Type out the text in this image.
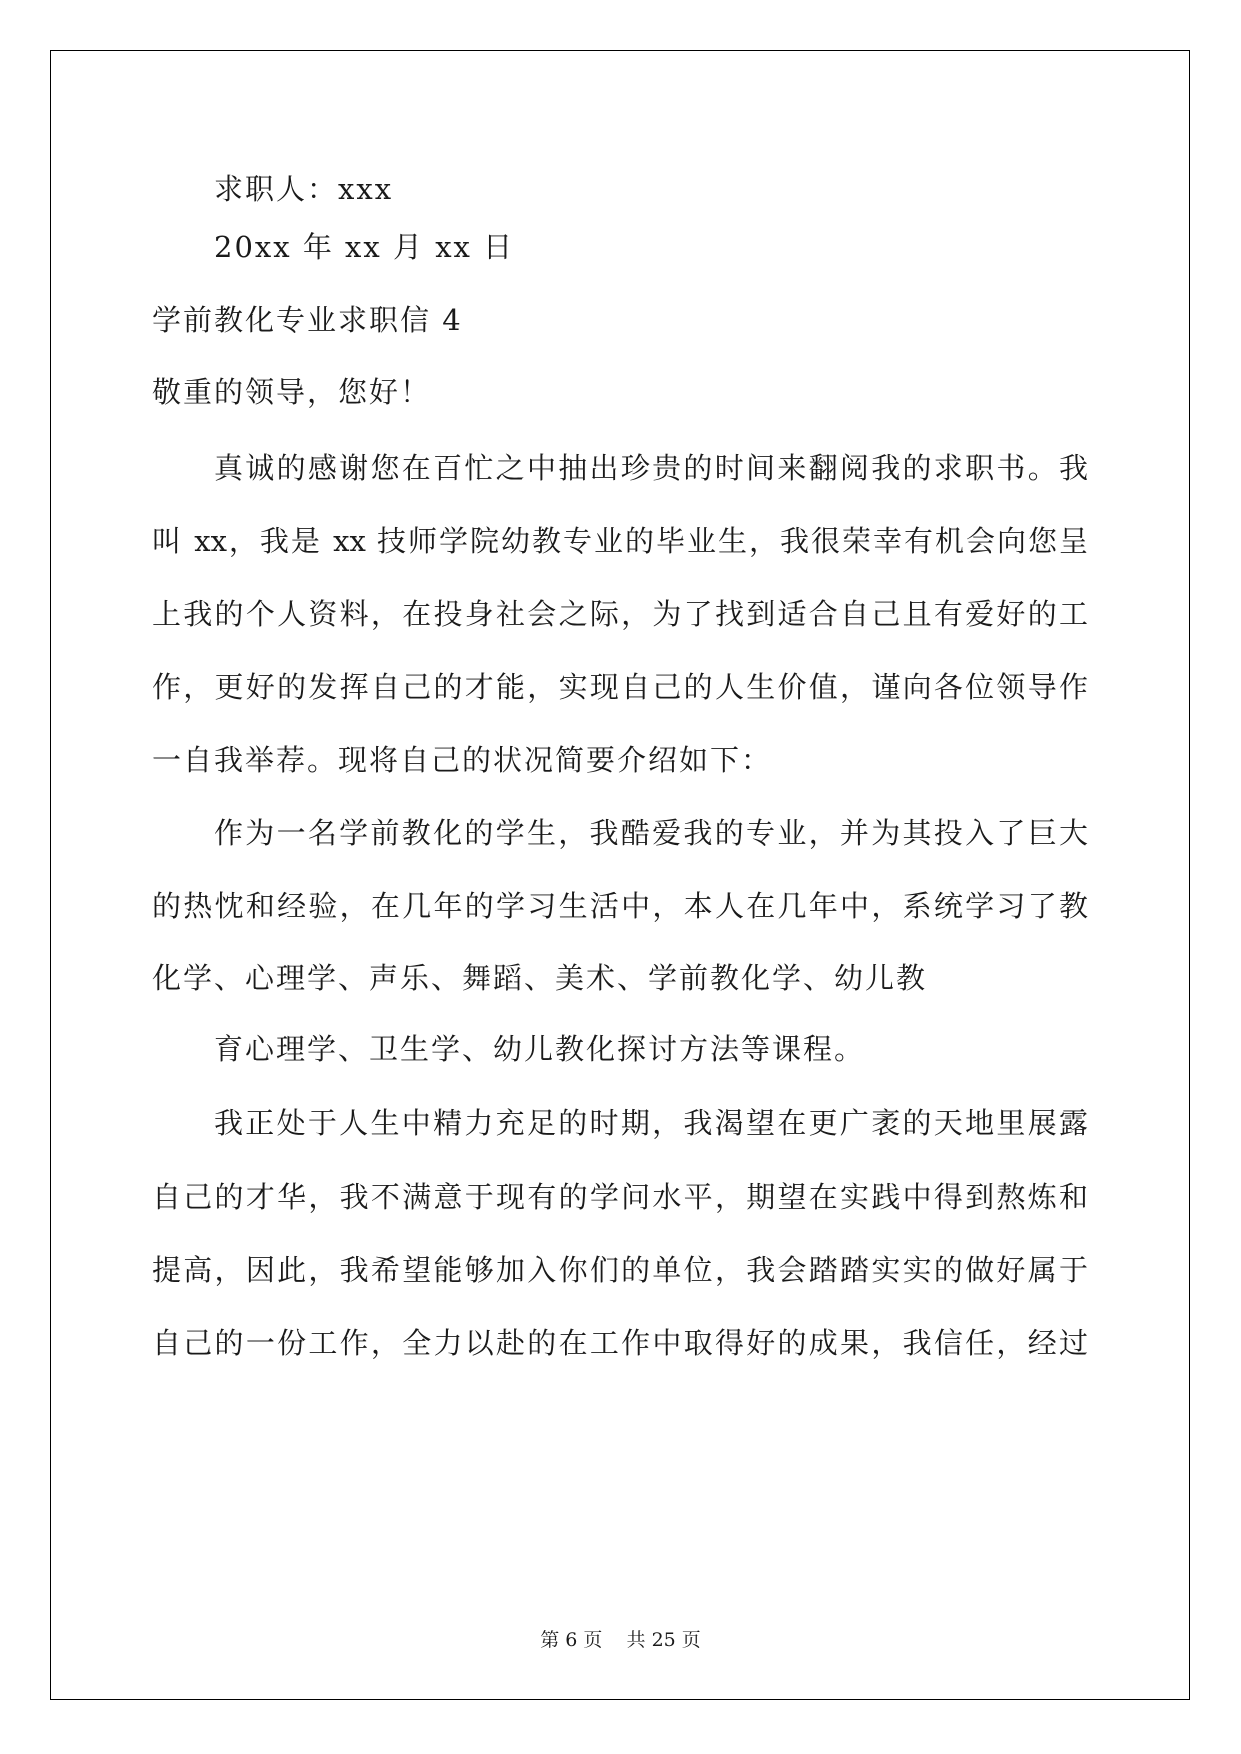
求职人：xxx
20xx 年 xx 月 xx 日
学前教化专业求职信 4
敬重的领导，您好！
真诚的感谢您在百忙之中抽出珍贵的时间来翻阅我的求职书。我
叫 xx，我是 xx 技师学院幼教专业的毕业生，我很荣幸有机会向您呈
上我的个人资料，在投身社会之际，为了找到适合自己且有爱好的工
作，更好的发挥自己的才能，实现自己的人生价值，谨向各位领导作
一自我举荐。现将自己的状况简要介绍如下：
作为一名学前教化的学生，我酷爱我的专业，并为其投入了巨大
的热忱和经验，在几年的学习生活中，本人在几年中，系统学习了教
化学、心理学、声乐、舞蹈、美术、学前教化学、幼儿教
育心理学、卫生学、幼儿教化探讨方法等课程。
我正处于人生中精力充足的时期，我渴望在更广袤的天地里展露
自己的才华，我不满意于现有的学问水平，期望在实践中得到熬炼和
提高，因此，我希望能够加入你们的单位，我会踏踏实实的做好属于
自己的一份工作，全力以赴的在工作中取得好的成果，我信任，经过
第 6 页    共 25 页
